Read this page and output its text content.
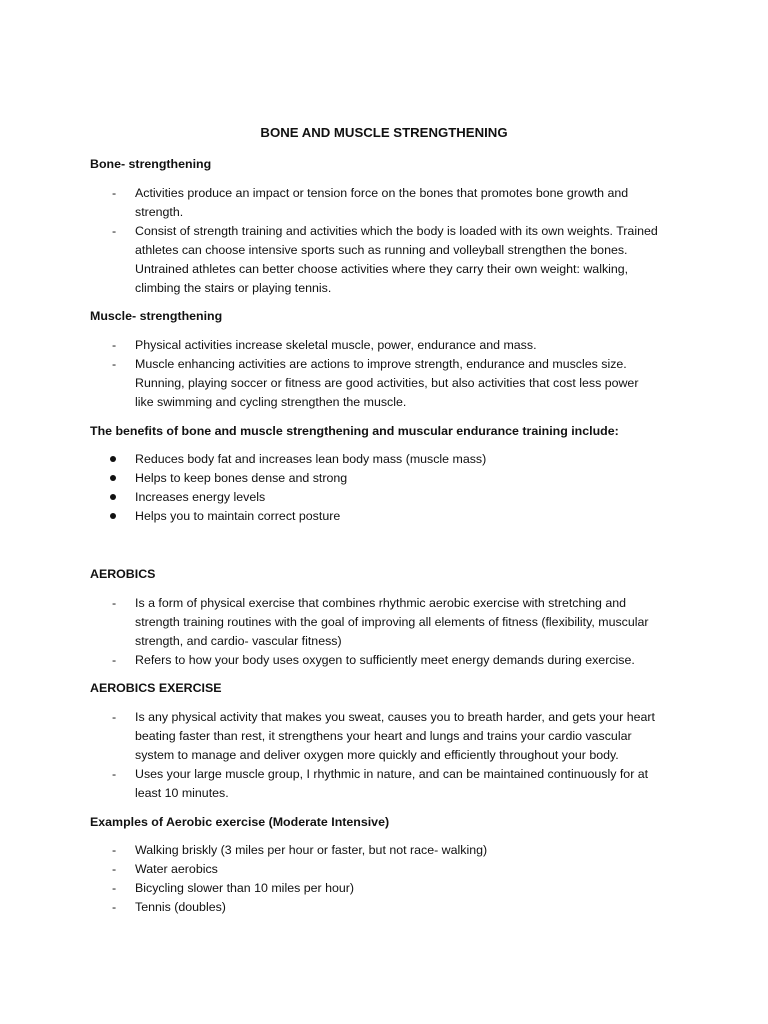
BONE AND MUSCLE STRENGTHENING
Bone- strengthening
- Activities produce an impact or tension force on the bones that promotes bone growth and strength.
- Consist of strength training and activities which the body is loaded with its own weights. Trained athletes can choose intensive sports such as running and volleyball strengthen the bones. Untrained athletes can better choose activities where they carry their own weight: walking, climbing the stairs or playing tennis.
Muscle- strengthening
- Physical activities increase skeletal muscle, power, endurance and mass.
- Muscle enhancing activities are actions to improve strength, endurance and muscles size. Running, playing soccer or fitness are good activities, but also activities that cost less power like swimming and cycling strengthen the muscle.
The benefits of bone and muscle strengthening and muscular endurance training include:
Reduces body fat and increases lean body mass (muscle mass)
Helps to keep bones dense and strong
Increases energy levels
Helps you to maintain correct posture
AEROBICS
- Is a form of physical exercise that combines rhythmic aerobic exercise with stretching and strength training routines with the goal of improving all elements of fitness (flexibility, muscular strength, and cardio- vascular fitness)
- Refers to how your body uses oxygen to sufficiently meet energy demands during exercise.
AEROBICS EXERCISE
- Is any physical activity that makes you sweat, causes you to breath harder, and gets your heart beating faster than rest, it strengthens your heart and lungs and trains your cardio vascular system to manage and deliver oxygen more quickly and efficiently throughout your body.
- Uses your large muscle group, I rhythmic in nature, and can be maintained continuously for at least 10 minutes.
Examples of Aerobic exercise (Moderate Intensive)
- Walking briskly (3 miles per hour or faster, but not race- walking)
- Water aerobics
- Bicycling slower than 10 miles per hour)
- Tennis (doubles)
